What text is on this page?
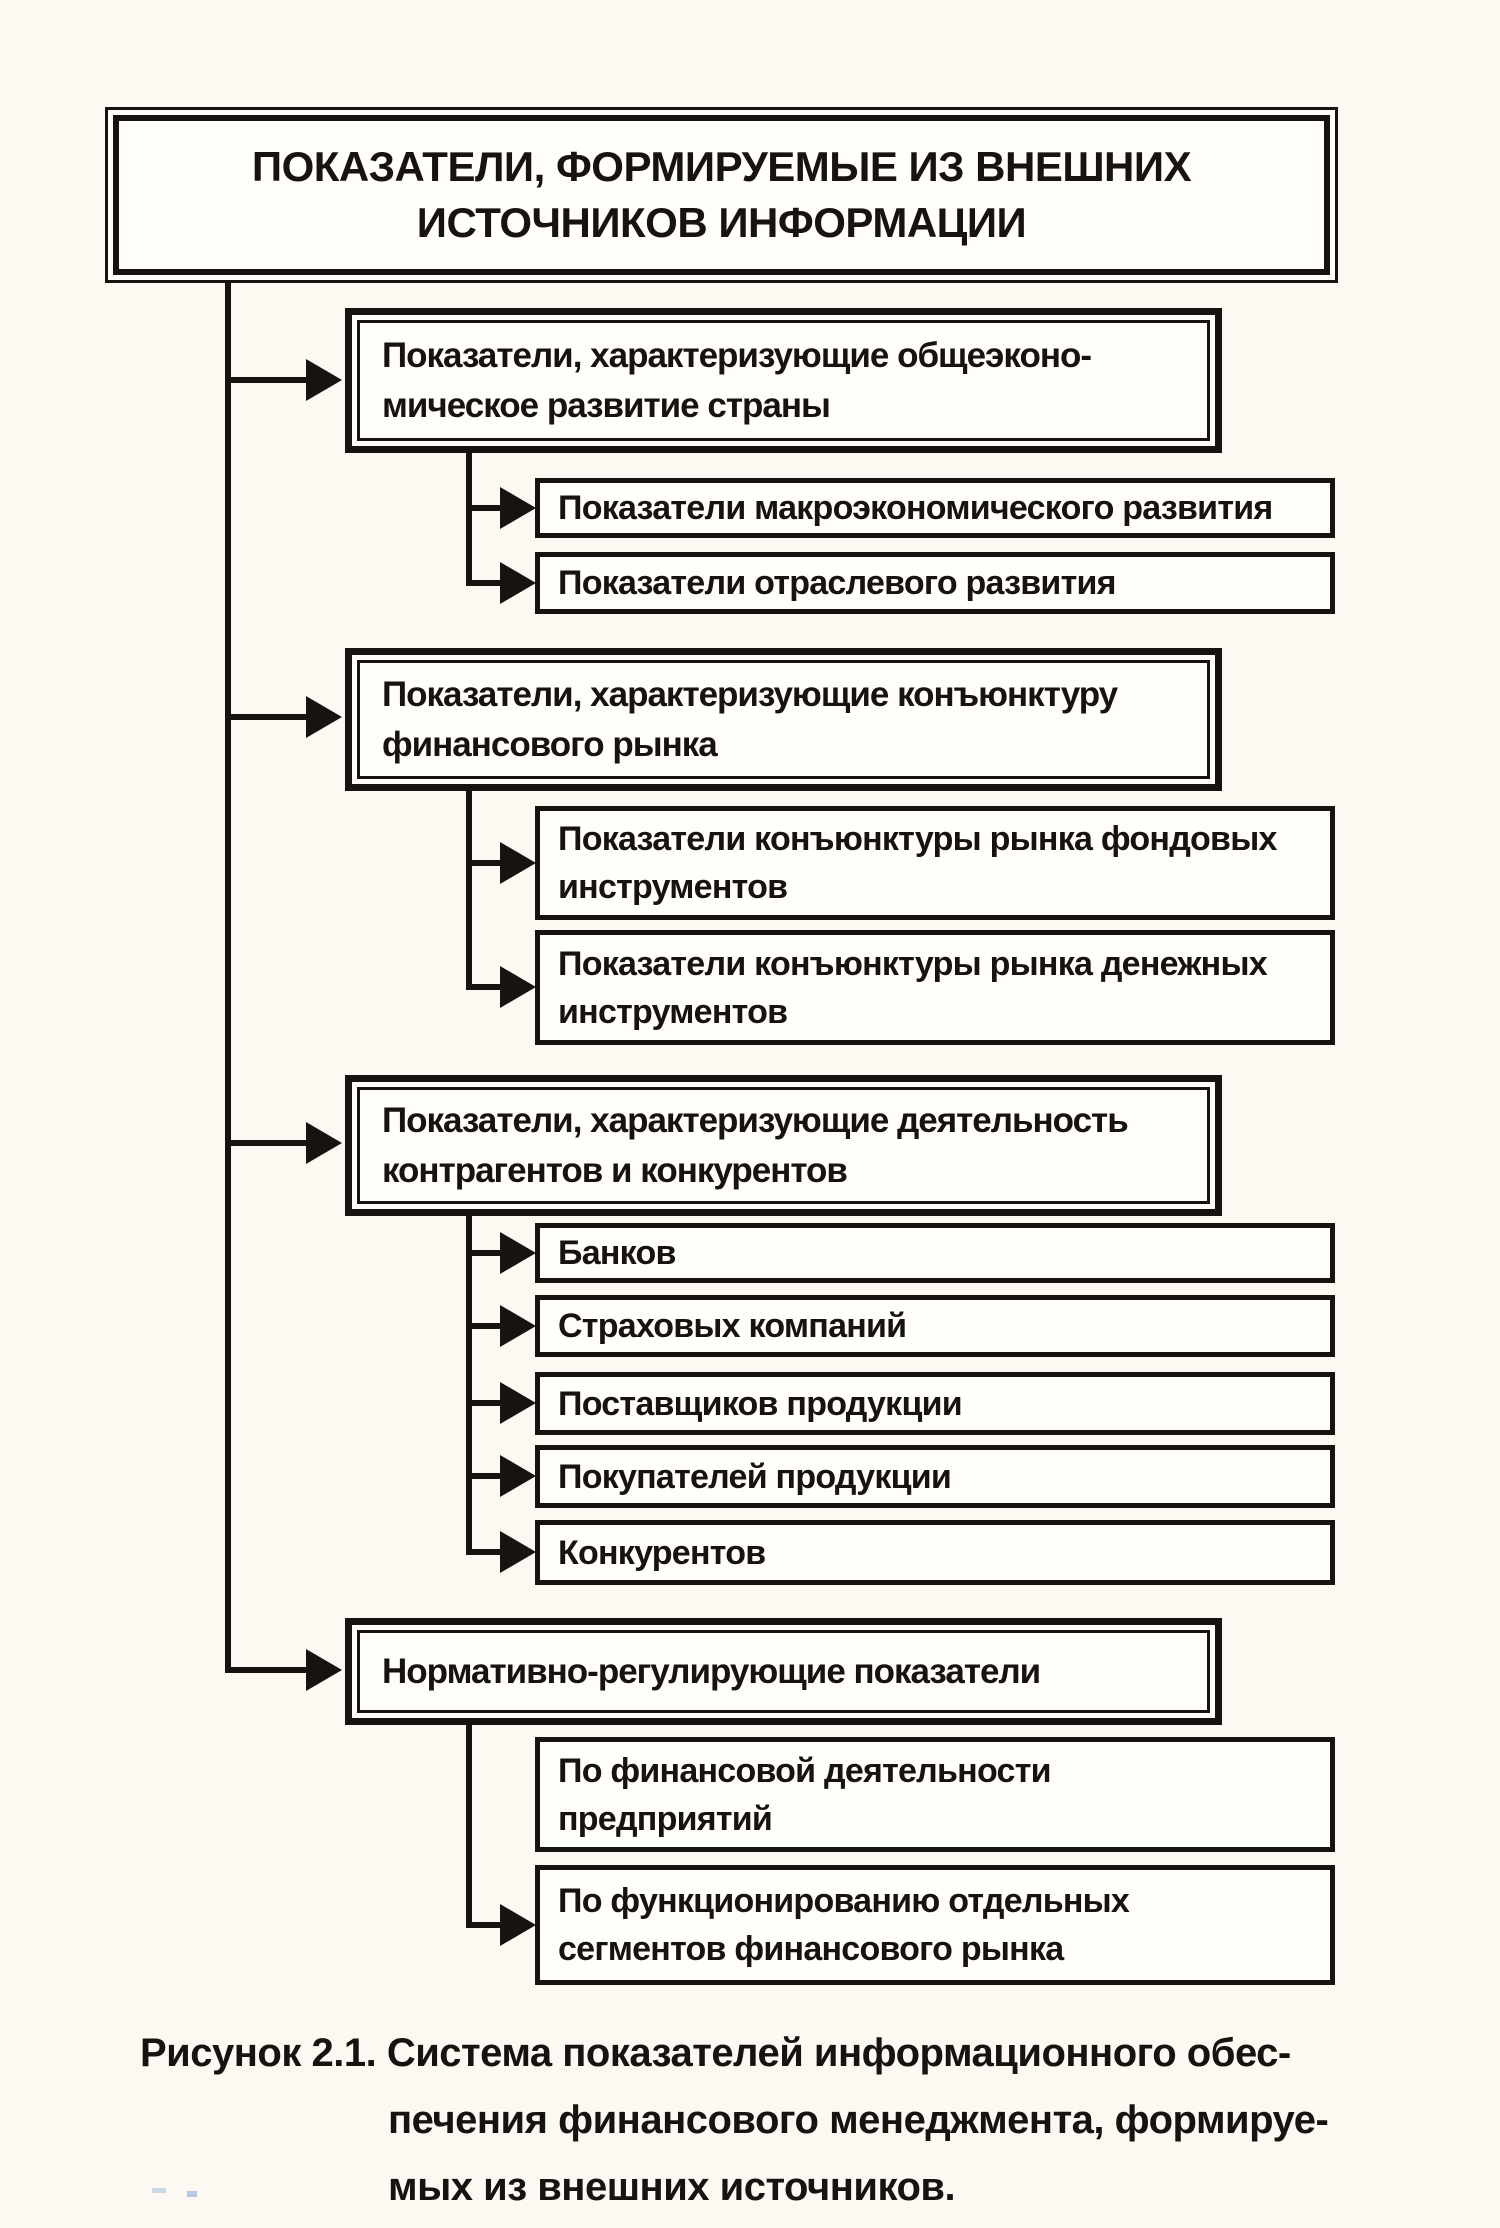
ПОКАЗАТЕЛИ, ФОРМИРУЕМЫЕ ИЗ ВНЕШНИХ
ИСТОЧНИКОВ ИНФОРМАЦИИ
Показатели, характеризующие общеэконо-
мическое развитие страны
Показатели макроэкономического развития
Показатели отраслевого развития
Показатели, характеризующие конъюнктуру
финансового рынка
Показатели конъюнктуры рынка фондовых
инструментов
Показатели конъюнктуры рынка денежных
инструментов
Показатели, характеризующие деятельность
контрагентов и конкурентов
Банков
Страховых компаний
Поставщиков продукции
Покупателей продукции
Конкурентов
Нормативно-регулирующие показатели
По финансовой деятельности
предприятий
По функционированию отдельных
сегментов финансового рынка
Рисунок 2.1. Система показателей информационного обес-
печения финансового менеджмента, формируе-
мых из внешних источников.
